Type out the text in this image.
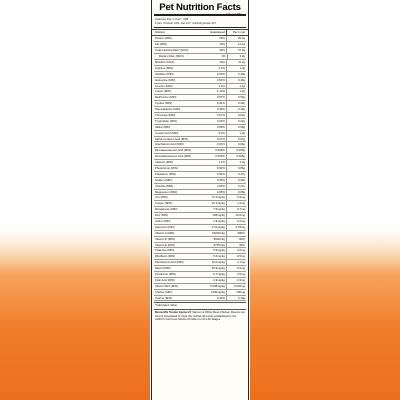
Pet Nutrition Facts
Calories Per 1 Cup*: 338
1 Cup = 95g
From: Protein 105, Fat 117, Carbohydrate 117
Nutrient	Guaranteed	Per 1 cup
Protein (MIN)	29%	29.4g
Fat (MIN)	13%	14.4g
Total Carbohydrate* (MAX)	40%	37.9g
Dietary Fiber (MAX)	4%	3.2g
Moisture (MAX)	12%	11.4g
Arginine (MIN)	1.1%	1.0g
Histidine (MIN)	0.30%	0.30g
Isoleucine (MIN)	0.51%	0.49g
Leucine (MIN)	1.2%	1.1g
Lysine (MIN)	1.10%	1.0g
Methionine (MIN)	0.57%	0.54g
Cystine (MIN)	0.44%	0.42g
Phenylalanine (MIN)	0.48%	0.46g
Threonine (MIN)	0.67%	0.64g
Tryptophan (MIN)	0.22%	0.22g
Valine (MIN)	0.59%	0.56g
Linoleic Acid (MIN)	2.0%	1.9g
Alpha-Linolenic Acid (MIN)	0.07%	0.07g
Arachidonic Acid (MIN)	0.04%	0.04g
Eicosapentaenoic Acid (MIN)	0.005%	0.005g
Docosahexaenoic Acid (MIN)	0.005%	0.005g
Calcium (MIN)	1.1%	1.0g
Phosphorus (MIN)	0.90%	0.86g
Potassium (MIN)	0.50%	0.47g
Sodium (MIN)	0.35%	0.33g
Chloride (MIN)	0.50%	0.47g
Magnesium (MIN)	0.08%	0.08g
Iron (MIN)	72.2mg/kg	6.9mg
Copper (MIN)	12.7mg/kg	1.2mg
Manganese (MIN)	7.5mg/kg	0.7mg
Zinc (MIN)	168mg/kg	16.0mg
Iodine (MIN)	1.9mg/kg	0.2mg
Selenium (MIN)	0.31mg/kg	0.03mg
Vitamin A (MIN)	6100IU/kg	580IU
Vitamin D (MIN)	950IU/kg	90IU
Vitamin E (MIN)	375IU/kg	36IU
Thiamine (MIN)	5.9mg/kg	0.6mg
Riboflavin (MIN)	5.6mg/kg	0.5mg
Pantothenic Acid (MIN)	22.0mg/kg	2.1mg
Niacin (MIN)	54.9mg/kg	5.2mg
Pyridoxine (MIN)	5.7mg/kg	0.5mg
Folic Acid (MIN)	2.9mg/kg	0.3mg
Vitamin B12 (MIN)	0.038mg/kg	0.004mg
Choline (MIN)	2100mg/kg	200mg
Taurine (MIN)	0.20%	0.19g
*Calculated Value
Meow Mix Tender Centers® Salmon & White Meat Chicken Flavors cat food is formulated to meet the nutritional levels established by the AAFCO Cat Food Nutrient Profiles for All Life Stages.
